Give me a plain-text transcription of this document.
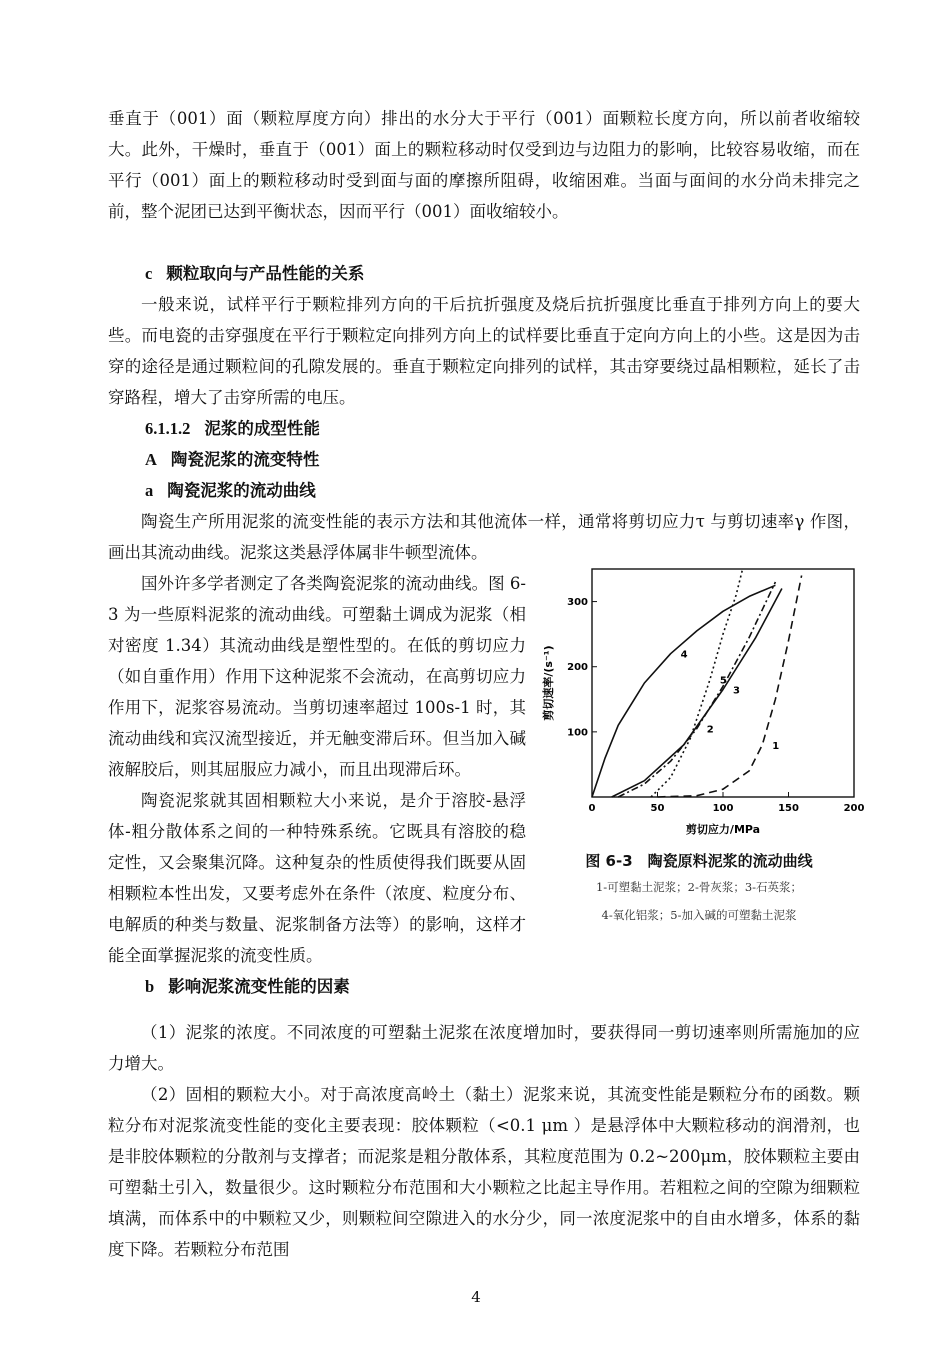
垂直于（001）面（颗粒厚度方向）排出的水分大于平行（001）面颗粒长度方向，所以前者收缩较大。此外，干燥时，垂直于（001）面上的颗粒移动时仅受到边与边阻力的影响，比较容易收缩，而在平行（001）面上的颗粒移动时受到面与面的摩擦所阻碍，收缩困难。当面与面间的水分尚未排完之前，整个泥团已达到平衡状态，因而平行（001）面收缩较小。

c 颗粒取向与产品性能的关系

一般来说，试样平行于颗粒排列方向的干后抗折强度及烧后抗折强度比垂直于排列方向上的要大些。而电瓷的击穿强度在平行于颗粒定向排列方向上的试样要比垂直于定向方向上的小些。这是因为击穿的途径是通过颗粒间的孔隙发展的。垂直于颗粒定向排列的试样，其击穿要绕过晶相颗粒，延长了击穿路程，增大了击穿所需的电压。

6.1.1.2 泥浆的成型性能

A 陶瓷泥浆的流变特性

a 陶瓷泥浆的流动曲线

陶瓷生产所用泥浆的流变性能的表示方法和其他流体一样，通常将剪切应力τ 与剪切速率γ 作图，画出其流动曲线。泥浆这类悬浮体属非牛顿型流体。

国外许多学者测定了各类陶瓷泥浆的流动曲线。图 6-3 为一些原料泥浆的流动曲线。可塑黏土调成为泥浆（相对密度 1.34）其流动曲线是塑性型的。在低的剪切应力（如自重作用）作用下这种泥浆不会流动，在高剪切应力作用下，泥浆容易流动。当剪切速率超过 100s-1 时，其流动曲线和宾汉流型接近，并无触变滞后环。但当加入碱液解胶后，则其屈服应力减小，而且出现滞后环。

陶瓷泥浆就其固相颗粒大小来说，是介于溶胶-悬浮体-粗分散体系之间的一种特殊系统。它既具有溶胶的稳定性，又会聚集沉降。这种复杂的性质使得我们既要从固相颗粒本性出发，又要考虑外在条件（浓度、粒度分布、电解质的种类与数量、泥浆制备方法等）的影响，这样才能全面掌握泥浆的流变性质。

b 影响泥浆流变性能的因素

（1）泥浆的浓度。不同浓度的可塑黏土泥浆在浓度增加时，要获得同一剪切速率则所需施加的应力增大。

（2）固相的颗粒大小。对于高浓度高岭土（黏土）泥浆来说，其流变性能是颗粒分布的函数。颗粒分布对泥浆流变性能的变化主要表现：胶体颗粒（<0.1 μm ）是悬浮体中大颗粒移动的润滑剂，也是非胶体颗粒的分散剂与支撑者；而泥浆是粗分散体系，其粒度范围为 0.2~200μm，胶体颗粒主要由可塑黏土引入，数量很少。这时颗粒分布范围和大小颗粒之比起主导作用。若粗粒之间的空隙为细颗粒填满，而体系中的中颗粒又少，则颗粒间空隙进入的水分少，同一浓度泥浆中的自由水增多，体系的黏度下降。若颗粒分布范围

0	50	100	150	200
100
200
300
剪切应力/MPa
剪切速率/(s⁻¹)
1
2
3
4
5
图 6-3　陶瓷原料泥浆的流动曲线
1-可塑黏土泥浆；2-骨灰浆；3-石英浆；
4-氧化铝浆；5-加入碱的可塑黏土泥浆
4
